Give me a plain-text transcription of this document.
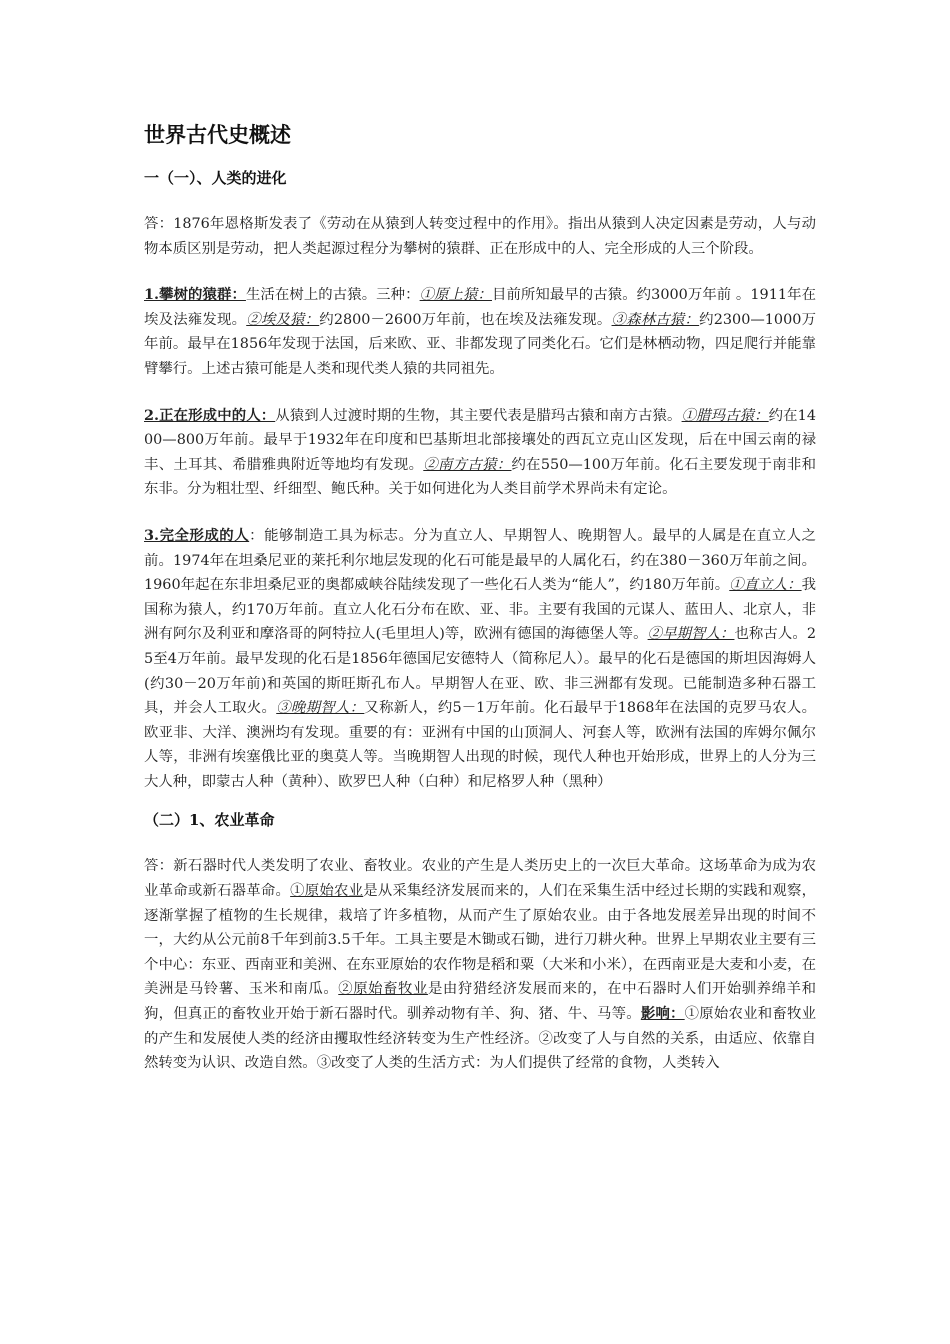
世界古代史概述
一（一）、人类的进化

答：1876年恩格斯发表了《劳动在从猿到人转变过程中的作用》。指出从猿到人决定因素是劳动，人与动物本质区别是劳动，把人类起源过程分为攀树的猿群、正在形成中的人、完全形成的人三个阶段。

1.攀树的猿群：生活在树上的古猿。三种：①原上猿：目前所知最早的古猿。约3000万年前 。1911年在埃及法雍发现。②埃及猿：约2800－2600万年前，也在埃及法雍发现。③森林古猿：约2300—1000万年前。最早在1856年发现于法国，后来欧、亚、非都发现了同类化石。它们是林栖动物，四足爬行并能靠臂攀行。上述古猿可能是人类和现代类人猿的共同祖先。

2.正在形成中的人：从猿到人过渡时期的生物，其主要代表是腊玛古猿和南方古猿。①腊玛古猿：约在1400—800万年前。最早于1932年在印度和巴基斯坦北部接壤处的西瓦立克山区发现，后在中国云南的禄丰、土耳其、希腊雅典附近等地均有发现。②南方古猿：约在550—100万年前。化石主要发现于南非和东非。分为粗壮型、纤细型、鲍氏种。关于如何进化为人类目前学术界尚未有定论。

3.完全形成的人：能够制造工具为标志。分为直立人、早期智人、晚期智人。最早的人属是在直立人之前。1974年在坦桑尼亚的莱托利尔地层发现的化石可能是最早的人属化石，约在380－360万年前之间。1960年起在东非坦桑尼亚的奥都威峡谷陆续发现了一些化石人类为“能人”，约180万年前。①直立人：我国称为猿人，约170万年前。直立人化石分布在欧、亚、非。主要有我国的元谋人、蓝田人、北京人，非洲有阿尔及利亚和摩洛哥的阿特拉人(毛里坦人)等，欧洲有德国的海德堡人等。②早期智人：也称古人。25至4万年前。最早发现的化石是1856年德国尼安德特人（简称尼人）。最早的化石是德国的斯坦因海姆人(约30－20万年前)和英国的斯旺斯孔布人。早期智人在亚、欧、非三洲都有发现。已能制造多种石器工具，并会人工取火。③晚期智人：又称新人，约5－1万年前。化石最早于1868年在法国的克罗马农人。欧亚非、大洋、澳洲均有发现。重要的有：亚洲有中国的山顶洞人、河套人等，欧洲有法国的库姆尔佩尔人等，非洲有埃塞俄比亚的奥莫人等。当晚期智人出现的时候，现代人种也开始形成，世界上的人分为三大人种，即蒙古人种（黄种）、欧罗巴人种（白种）和尼格罗人种（黑种）

（二）1、农业革命

答：新石器时代人类发明了农业、畜牧业。农业的产生是人类历史上的一次巨大革命。这场革命为成为农业革命或新石器革命。①原始农业是从采集经济发展而来的，人们在采集生活中经过长期的实践和观察，逐渐掌握了植物的生长规律，栽培了许多植物，从而产生了原始农业。由于各地发展差异出现的时间不一，大约从公元前8千年到前3.5千年。工具主要是木锄或石锄，进行刀耕火种。世界上早期农业主要有三个中心：东亚、西南亚和美洲、在东亚原始的农作物是稻和粟（大米和小米），在西南亚是大麦和小麦，在美洲是马铃薯、玉米和南瓜。②原始畜牧业是由狩猎经济发展而来的，在中石器时人们开始驯养绵羊和狗，但真正的畜牧业开始于新石器时代。驯养动物有羊、狗、猪、牛、马等。影响：①原始农业和畜牧业的产生和发展使人类的经济由攫取性经济转变为生产性经济。②改变了人与自然的关系，由适应、依靠自然转变为认识、改造自然。③改变了人类的生活方式：为人们提供了经常的食物，人类转入
